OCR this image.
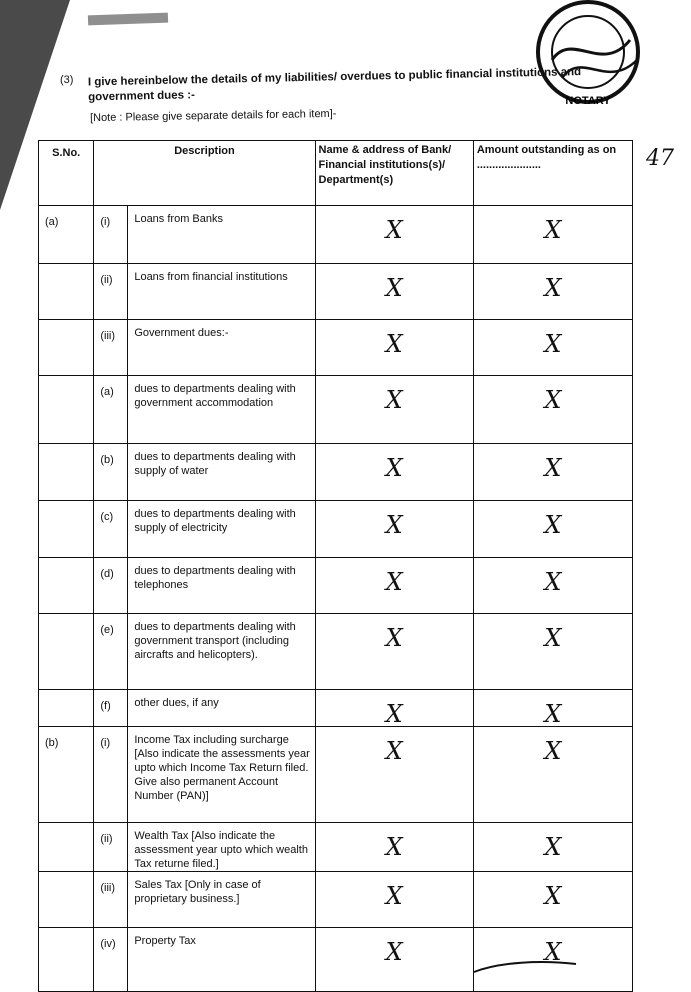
NOTARY
(3) I give hereinbelow the details of my liabilities/ overdues to public financial institutions and government dues :-
[Note : Please give separate details for each item]-
47
S.No.	Description		Name & address of Bank/ Financial institutions(s)/ Department(s)	Amount outstanding as on .....................

(a)	(i)	Loans from Banks	X	X

	(ii)	Loans from financial institutions	X	X

	(iii)	Government dues:-	X	X

	(a)	dues to departments dealing with government accommodation	X	X

	(b)	dues to departments dealing with supply of water	X	X

	(c)	dues to departments dealing with supply of electricity	X	X

	(d)	dues to departments dealing with telephones	X	X

	(e)	dues to departments dealing with government transport (including aircrafts and helicopters).	X	X

	(f)	other dues, if any	X	X

(b)	(i)	Income Tax including surcharge [Also indicate the assessments year upto which Income Tax Return filed. Give also permanent Account Number (PAN)]	X	X

	(ii)	Wealth Tax [Also indicate the assessment year upto which wealth Tax returne filed.]	X	X

	(iii)	Sales Tax [Only in case of proprietary business.]	X	X

	(iv)	Property Tax	X	X
